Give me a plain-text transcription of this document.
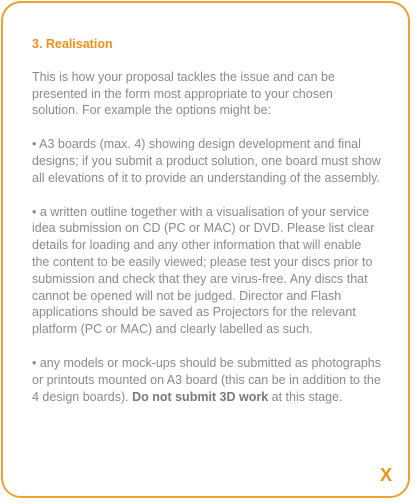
3. Realisation

This is how your proposal tackles the issue and can be presented in the form most appropriate to your chosen solution. For example the options might be:

• A3 boards (max. 4) showing design development and final designs; if you submit a product solution, one board must show all elevations of it to provide an understanding of the assembly.

• a written outline together with a visualisation of your service idea submission on CD (PC or MAC) or DVD. Please list clear details for loading and any other information that will enable the content to be easily viewed; please test your discs prior to submission and check that they are virus-free. Any discs that cannot be opened will not be judged. Director and Flash applications should be saved as Projectors for the relevant platform (PC or MAC) and clearly labelled as such.

• any models or mock-ups should be submitted as photographs or printouts mounted on A3 board (this can be in addition to the 4 design boards). Do not submit 3D work at this stage.

X
